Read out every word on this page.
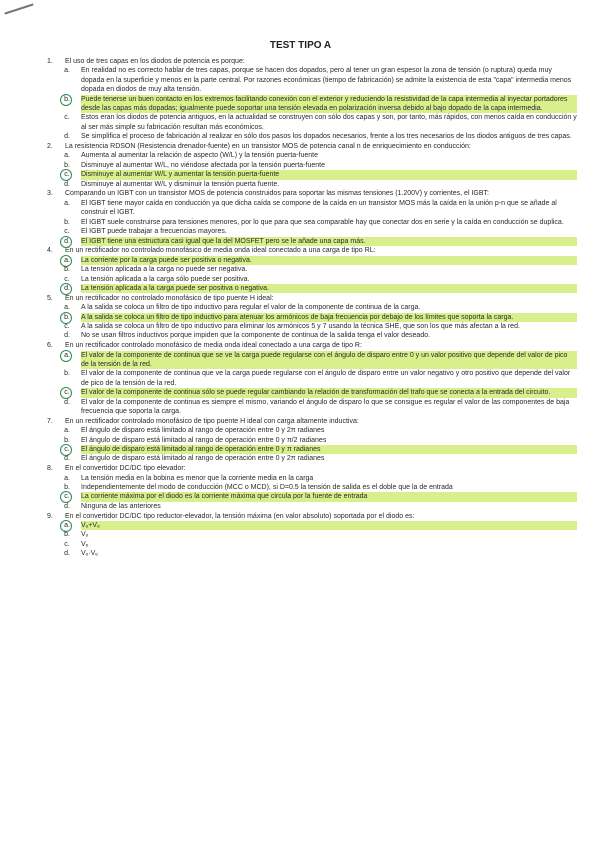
TEST TIPO A
1.	El uso de tres capas en los diodos de potencia es porque:
a.	En realidad no es correcto hablar de tres capas, porque se hacen dos dopados, pero al tener un gran espesor la zona de tensión (o ruptura) queda muy dopada en la superficie y menos en la parte central. Por razones económicas (tiempo de fabricación) se admite la existencia de esta "capa" intermedia menos dopada en diodos de muy alta tensión.
b.	Puede tenerse un buen contacto en los extremos facilitando conexión con el exterior y reduciendo la resistividad de la capa intermedia al inyectar portadores desde las capas más dopadas; igualmente puede soportar una tensión elevada en polarización inversa debido al bajo dopado de la capa intermedia.
c.	Estos eran los diodos de potencia antiguos, en la actualidad se construyen con sólo dos capas y son, por tanto, más rápidos, con menos caída en conducción y al ser más simple su fabricación resultan más económicos.
d.	Se simplifica el proceso de fabricación al realizar en sólo dos pasos los dopados necesarios, frente a los tres necesarios de los diodos antiguos de tres capas.
2.	La resistencia RDSON (Resistencia drenador-fuente) en un transistor MOS de potencia canal n de enriquecimiento en conducción:
a.	Aumenta al aumentar la relación de aspecto (W/L) y la tensión puerta-fuente
b.	Disminuye al aumentar W/L, no viéndose afectada por la tensión puerta-fuente
c.	Disminuye al aumentar W/L y aumentar la tensión puerta-fuente
d.	Disminuye al aumentar W/L y disminuir la tensión puerta fuente.
3.	Comparando un IGBT con un transistor MOS de potencia construidos para soportar las mismas tensiones (1.200V) y corrientes, el IGBT:
a.	El IGBT tiene mayor caída en conducción ya que dicha caída se compone de la caída en un transistor MOS más la caída en la unión p-n que se añade al construir el IGBT.
b.	El IGBT suele construirse para tensiones menores, por lo que para que sea comparable hay que conectar dos en serie y la caída en conducción se duplica.
c.	El IGBT puede trabajar a frecuencias mayores.
d.	El IGBT tiene una estructura casi igual que la del MOSFET pero se le añade una capa más.
4.	En un rectificador no controlado monofásico de media onda ideal conectado a una carga de tipo RL:
a.	La corriente por la carga puede ser positiva o negativa.
b.	La tensión aplicada a la carga no puede ser negativa.
c.	La tensión aplicada a la carga sólo puede ser positiva.
d.	La tensión aplicada a la carga puede ser positiva o negativa.
5.	En un rectificador no controlado monofásico de tipo puente H ideal:
a.	A la salida se coloca un filtro de tipo inductivo para regular el valor de la componente de continua de la carga.
b.	A la salida se coloca un filtro de tipo inductivo para atenuar los armónicos de baja frecuencia por debajo de los límites que soporta la carga.
c.	A la salida se coloca un filtro de tipo inductivo para eliminar los armónicos 5 y 7 usando la técnica SHE, que son los que más afectan a la red.
d.	No se usan filtros inductivos porque impiden que la componente de continua de la salida tenga el valor deseado.
6.	En un rectificador controlado monofásico de media onda ideal conectado a una carga de tipo R:
a.	El valor de la componente de continua que se ve la carga puede regularse con el ángulo de disparo entre 0 y un valor positivo que depende del valor de pico de la tensión de la red.
b.	El valor de la componente de continua que ve la carga puede regularse con el ángulo de disparo entre un valor negativo y otro positivo que depende del valor de pico de la tensión de la red.
c.	El valor de la componente de continua sólo se puede regular cambiando la relación de transformación del trafo que se conecta a la entrada del circuito.
d.	El valor de la componente de continua es siempre el mismo, variando el ángulo de disparo lo que se consigue es regular el valor de las componentes de baja frecuencia que soporta la carga.
7.	En un rectificador controlado monofásico de tipo puente H ideal con carga altamente inductiva:
a.	El ángulo de disparo está limitado al rango de operación entre 0 y 2π radianes
b.	El ángulo de disparo está limitado al rango de operación entre 0 y π/2 radianes
c.	El ángulo de disparo está limitado al rango de operación entre 0 y π radianes
d.	El ángulo de disparo está limitado al rango de operación entre 0 y 2π radianes
8.	En el convertidor DC/DC tipo elevador:
a.	La tensión media en la bobina es menor que la corriente media en la carga
b.	Independientemente del modo de conducción (MCC o MCD), si D=0.5 la tensión de salida es el doble que la de entrada
c.	La corriente máxima por el diodo es la corriente máxima que circula por la fuente de entrada
d.	Ninguna de las anteriores
9.	En el convertidor DC/DC tipo reductor-elevador, la tensión máxima (en valor absoluto) soportada por el diodo es:
a.	Vₒ+Vₑ
b.	Vₒ
c.	Vₑ
d.	Vₒ·Vₑ
